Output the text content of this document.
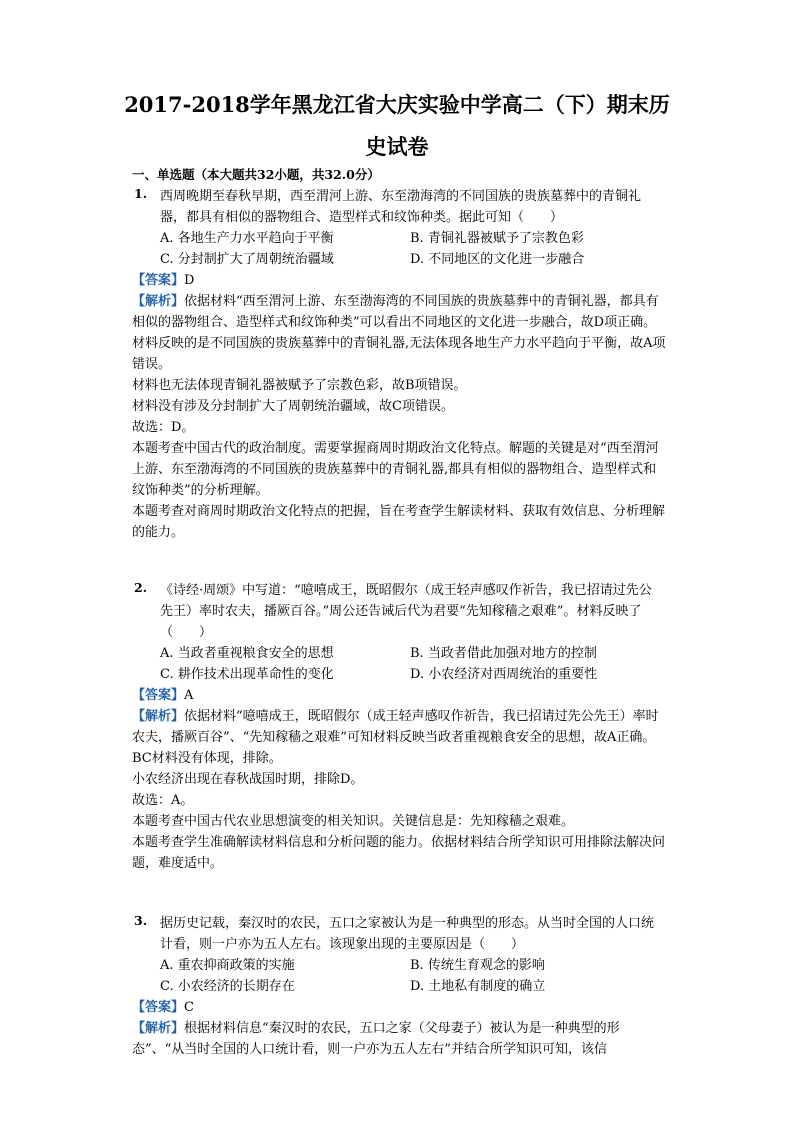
2017-2018学年黑龙江省大庆实验中学高二（下）期末历
史试卷
一、单选题（本大题共32小题，共32.0分）
1. 西周晚期至春秋早期，西至渭河上游、东至渤海湾的不同国族的贵族墓葬中的青铜礼器，都具有相似的器物组合、造型样式和纹饰种类。据此可知（　　）
A. 各地生产力水平趋向于平衡	B. 青铜礼器被赋予了宗教色彩
C. 分封制扩大了周朝统治疆域	D. 不同地区的文化进一步融合
【答案】D

【解析】依据材料“西至渭河上游、东至渤海湾的不同国族的贵族墓葬中的青铜礼器，都具有相似的器物组合、造型样式和纹饰种类”可以看出不同地区的文化进一步融合，故D项正确。

材料反映的是不同国族的贵族墓葬中的青铜礼器,无法体现各地生产力水平趋向于平衡，故A项错误。

材料也无法体现青铜礼器被赋予了宗教色彩，故B项错误。

材料没有涉及分封制扩大了周朝统治疆域，故C项错误。

故选：D。

本题考查中国古代的政治制度。需要掌握商周时期政治文化特点。解题的关键是对“西至渭河上游、东至渤海湾的不同国族的贵族墓葬中的青铜礼器,都具有相似的器物组合、造型样式和纹饰种类”的分析理解。

本题考查对商周时期政治文化特点的把握，旨在考查学生解读材料、获取有效信息、分析理解的能力。

2. 《诗经·周颂》中写道：“噫嘻成王，既昭假尔（成王轻声感叹作祈告，我已招请过先公先王）率时农夫，播厥百谷。”周公还告诫后代为君要“先知稼穑之艰难”。材料反映了（　　）
A. 当政者重视粮食安全的思想	B. 当政者借此加强对地方的控制
C. 耕作技术出现革命性的变化	D. 小农经济对西周统治的重要性
【答案】A

【解析】依据材料“噫嘻成王，既昭假尔（成王轻声感叹作祈告，我已招请过先公先王）率时农夫，播厥百谷”、“先知稼穑之艰难”可知材料反映当政者重视粮食安全的思想，故A正确。

BC材料没有体现，排除。

小农经济出现在春秋战国时期，排除D。

故选：A。

本题考查中国古代农业思想演变的相关知识。关键信息是：先知稼穑之艰难。

本题考查学生准确解读材料信息和分析问题的能力。依据材料结合所学知识可用排除法解决问题，难度适中。

3. 据历史记载，秦汉时的农民，五口之家被认为是一种典型的形态。从当时全国的人口统计看，则一户亦为五人左右。该现象出现的主要原因是（　　）
A. 重农抑商政策的实施	B. 传统生育观念的影响
C. 小农经济的长期存在	D. 土地私有制度的确立
【答案】C

【解析】根据材料信息“秦汉时的农民，五口之家（父母妻子）被认为是一种典型的形态”、“从当时全国的人口统计看，则一户亦为五人左右”并结合所学知识可知，该信
